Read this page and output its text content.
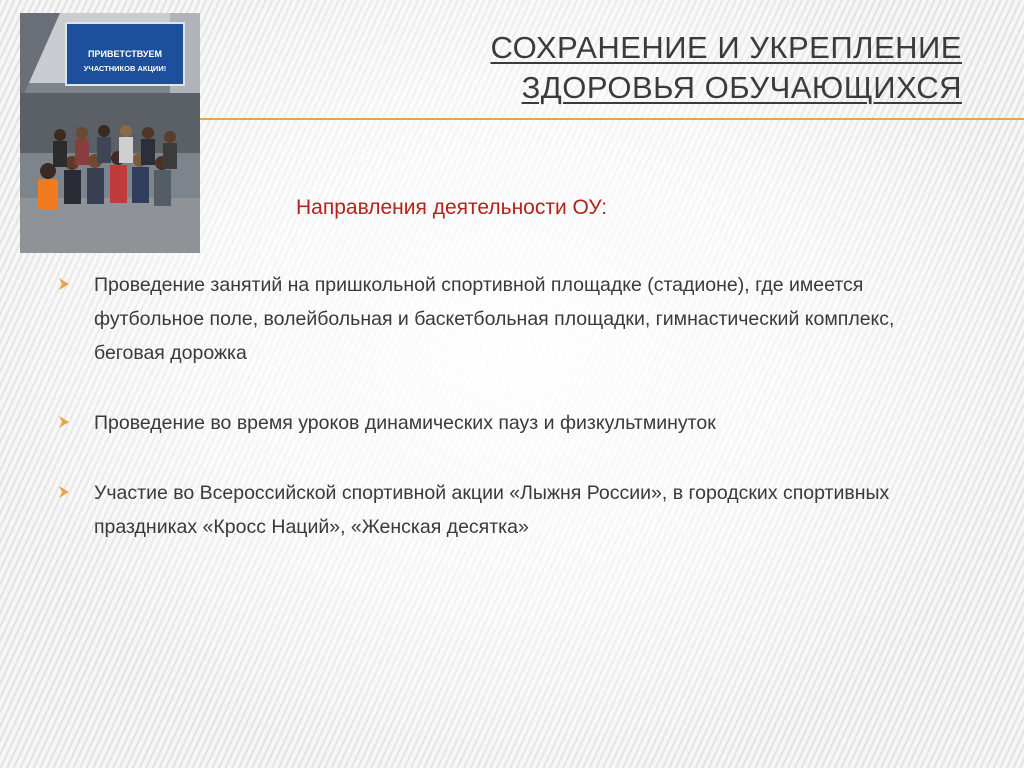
ПРИВЕТСТВУЕМ
УЧАСТНИКОВ АКЦИИ!
СОХРАНЕНИЕ И УКРЕПЛЕНИЕ
ЗДОРОВЬЯ ОБУЧАЮЩИХСЯ
Направления деятельности ОУ:
Проведение занятий на пришкольной спортивной площадке (стадионе), где имеется футбольное поле, волейбольная и баскетбольная площадки, гимнастический комплекс, беговая дорожка
Проведение во время уроков динамических пауз и физкультминуток
Участие во Всероссийской спортивной акции «Лыжня России», в городских спортивных праздниках «Кросс Наций», «Женская десятка»
